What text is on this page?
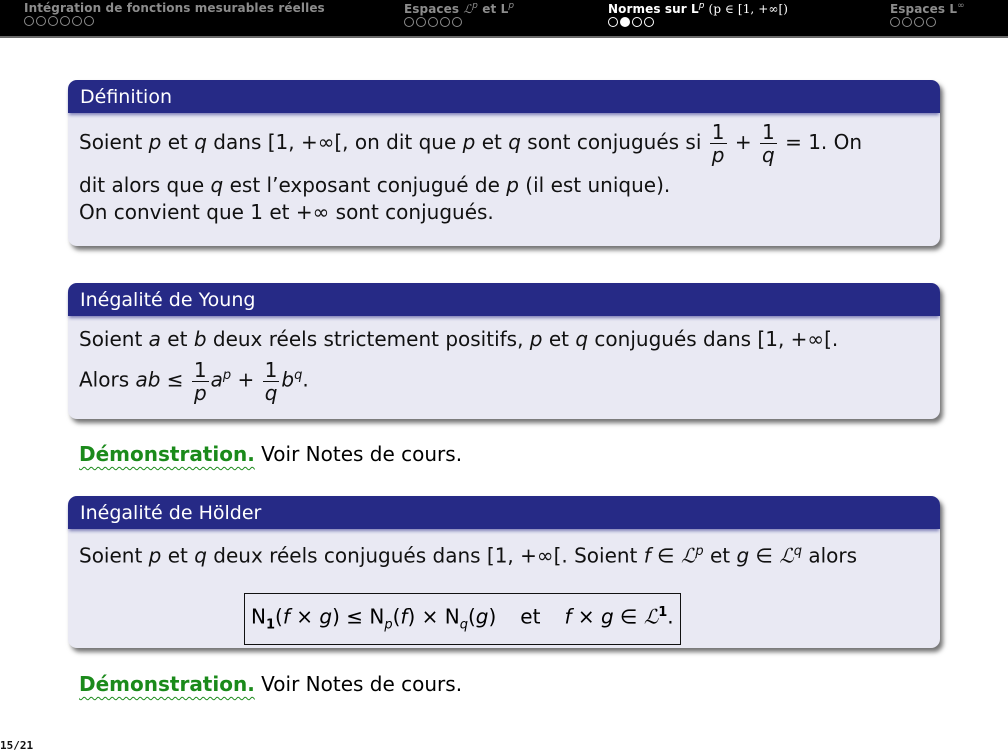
Intégration de fonctions mesurables réelles	Espaces ℒ$^p$ et $L^p$	Normes sur $L^p$ (p ∈ [1, +∞[)	Espaces L∞
Définition
Soient p et q dans [1, +∞[, on dit que p et q sont conjugués si $\frac{1}{p} + \frac{1}{q} = 1$. On
dit alors que q est l’exposant conjugué de p (il est unique).
On convient que 1 et +∞ sont conjugués.
Inégalité de Young
Soient a et b deux réels strictement positifs, p et q conjugués dans [1, +∞[.
Alors ab ≤ $\frac{1}{p} a^p + \frac{1}{q} b^q$.
Démonstration. Voir Notes de cours.
Inégalité de Hölder
Soient p et q deux réels conjugués dans [1, +∞[. Soient f ∈ ℒ$^p$ et g ∈ ℒ$^q$ alors
$N_1(f \times g) \le N_p(f) \times N_q(g)$ et f × g ∈ ℒ$^1$.
Démonstration. Voir Notes de cours.
15/21
